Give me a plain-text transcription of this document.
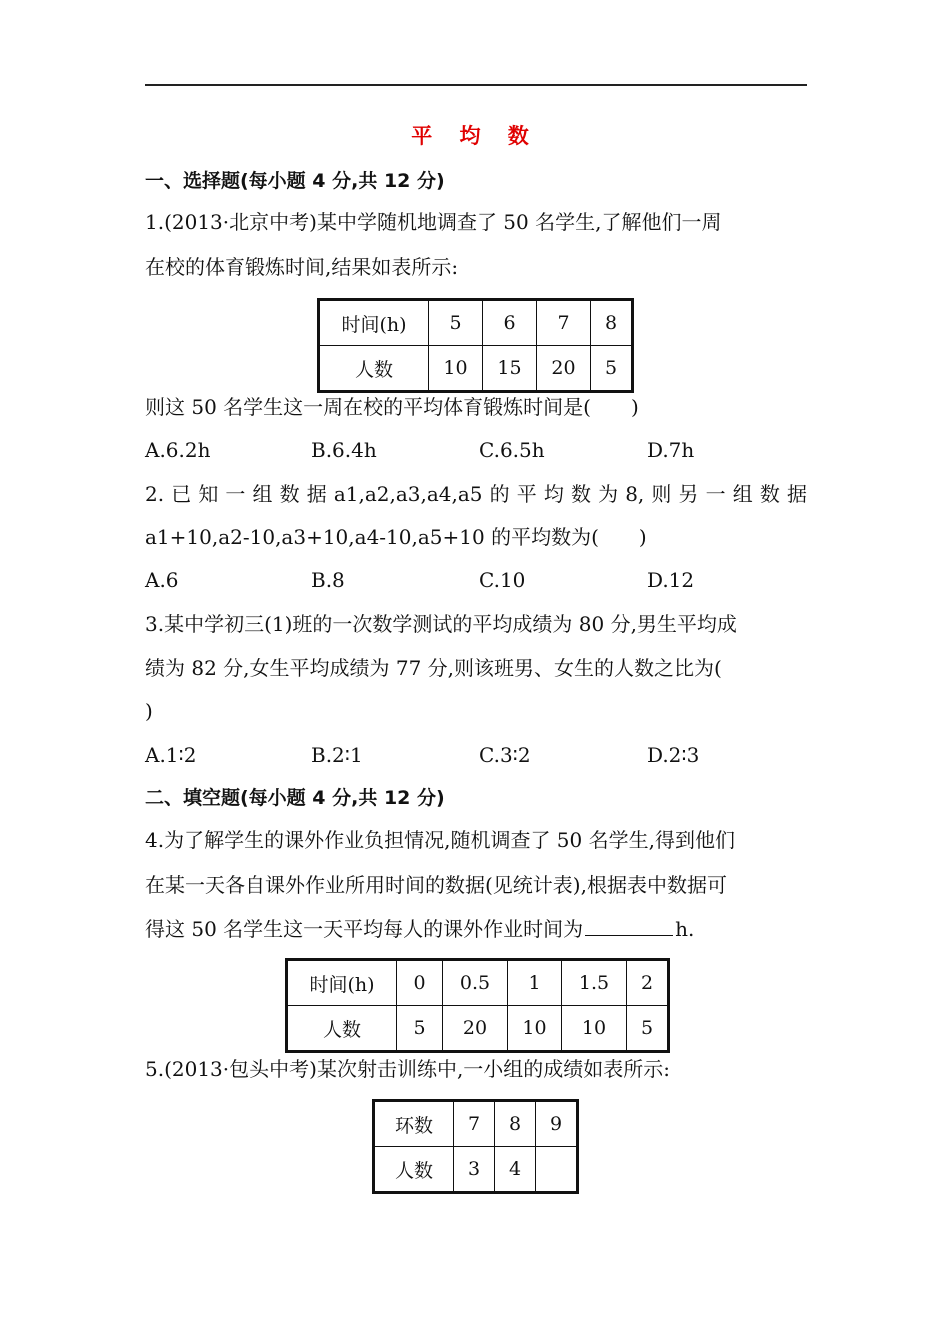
平 均 数
一、选择题(每小题 4 分,共 12 分)
1.(2013·北京中考)某中学随机地调查了 50 名学生,了解他们一周
在校的体育锻炼时间,结果如表所示:
时间(h)	5	6	7	8
人数	10	15	20	5
则这 50 名学生这一周在校的平均体育锻炼时间是(　　)
A.6.2h	B.6.4h	C.6.5h	D.7h
2. 已 知 一 组 数 据 a1,a2,a3,a4,a5 的 平 均 数 为 8, 则 另 一 组 数 据
a1+10,a2-10,a3+10,a4-10,a5+10 的平均数为(　　)
A.6	B.8	C.10	D.12
3.某中学初三(1)班的一次数学测试的平均成绩为 80 分,男生平均成
绩为 82 分,女生平均成绩为 77 分,则该班男、女生的人数之比为(
)
A.1∶2	B.2∶1	C.3∶2	D.2∶3
二、填空题(每小题 4 分,共 12 分)
4.为了解学生的课外作业负担情况,随机调查了 50 名学生,得到他们
在某一天各自课外作业所用时间的数据(见统计表),根据表中数据可
得这 50 名学生这一天平均每人的课外作业时间为	h.
时间(h)	0	0.5	1	1.5	2
人数	5	20	10	10	5
5.(2013·包头中考)某次射击训练中,一小组的成绩如表所示:
环数	7	8	9
人数	3	4	
